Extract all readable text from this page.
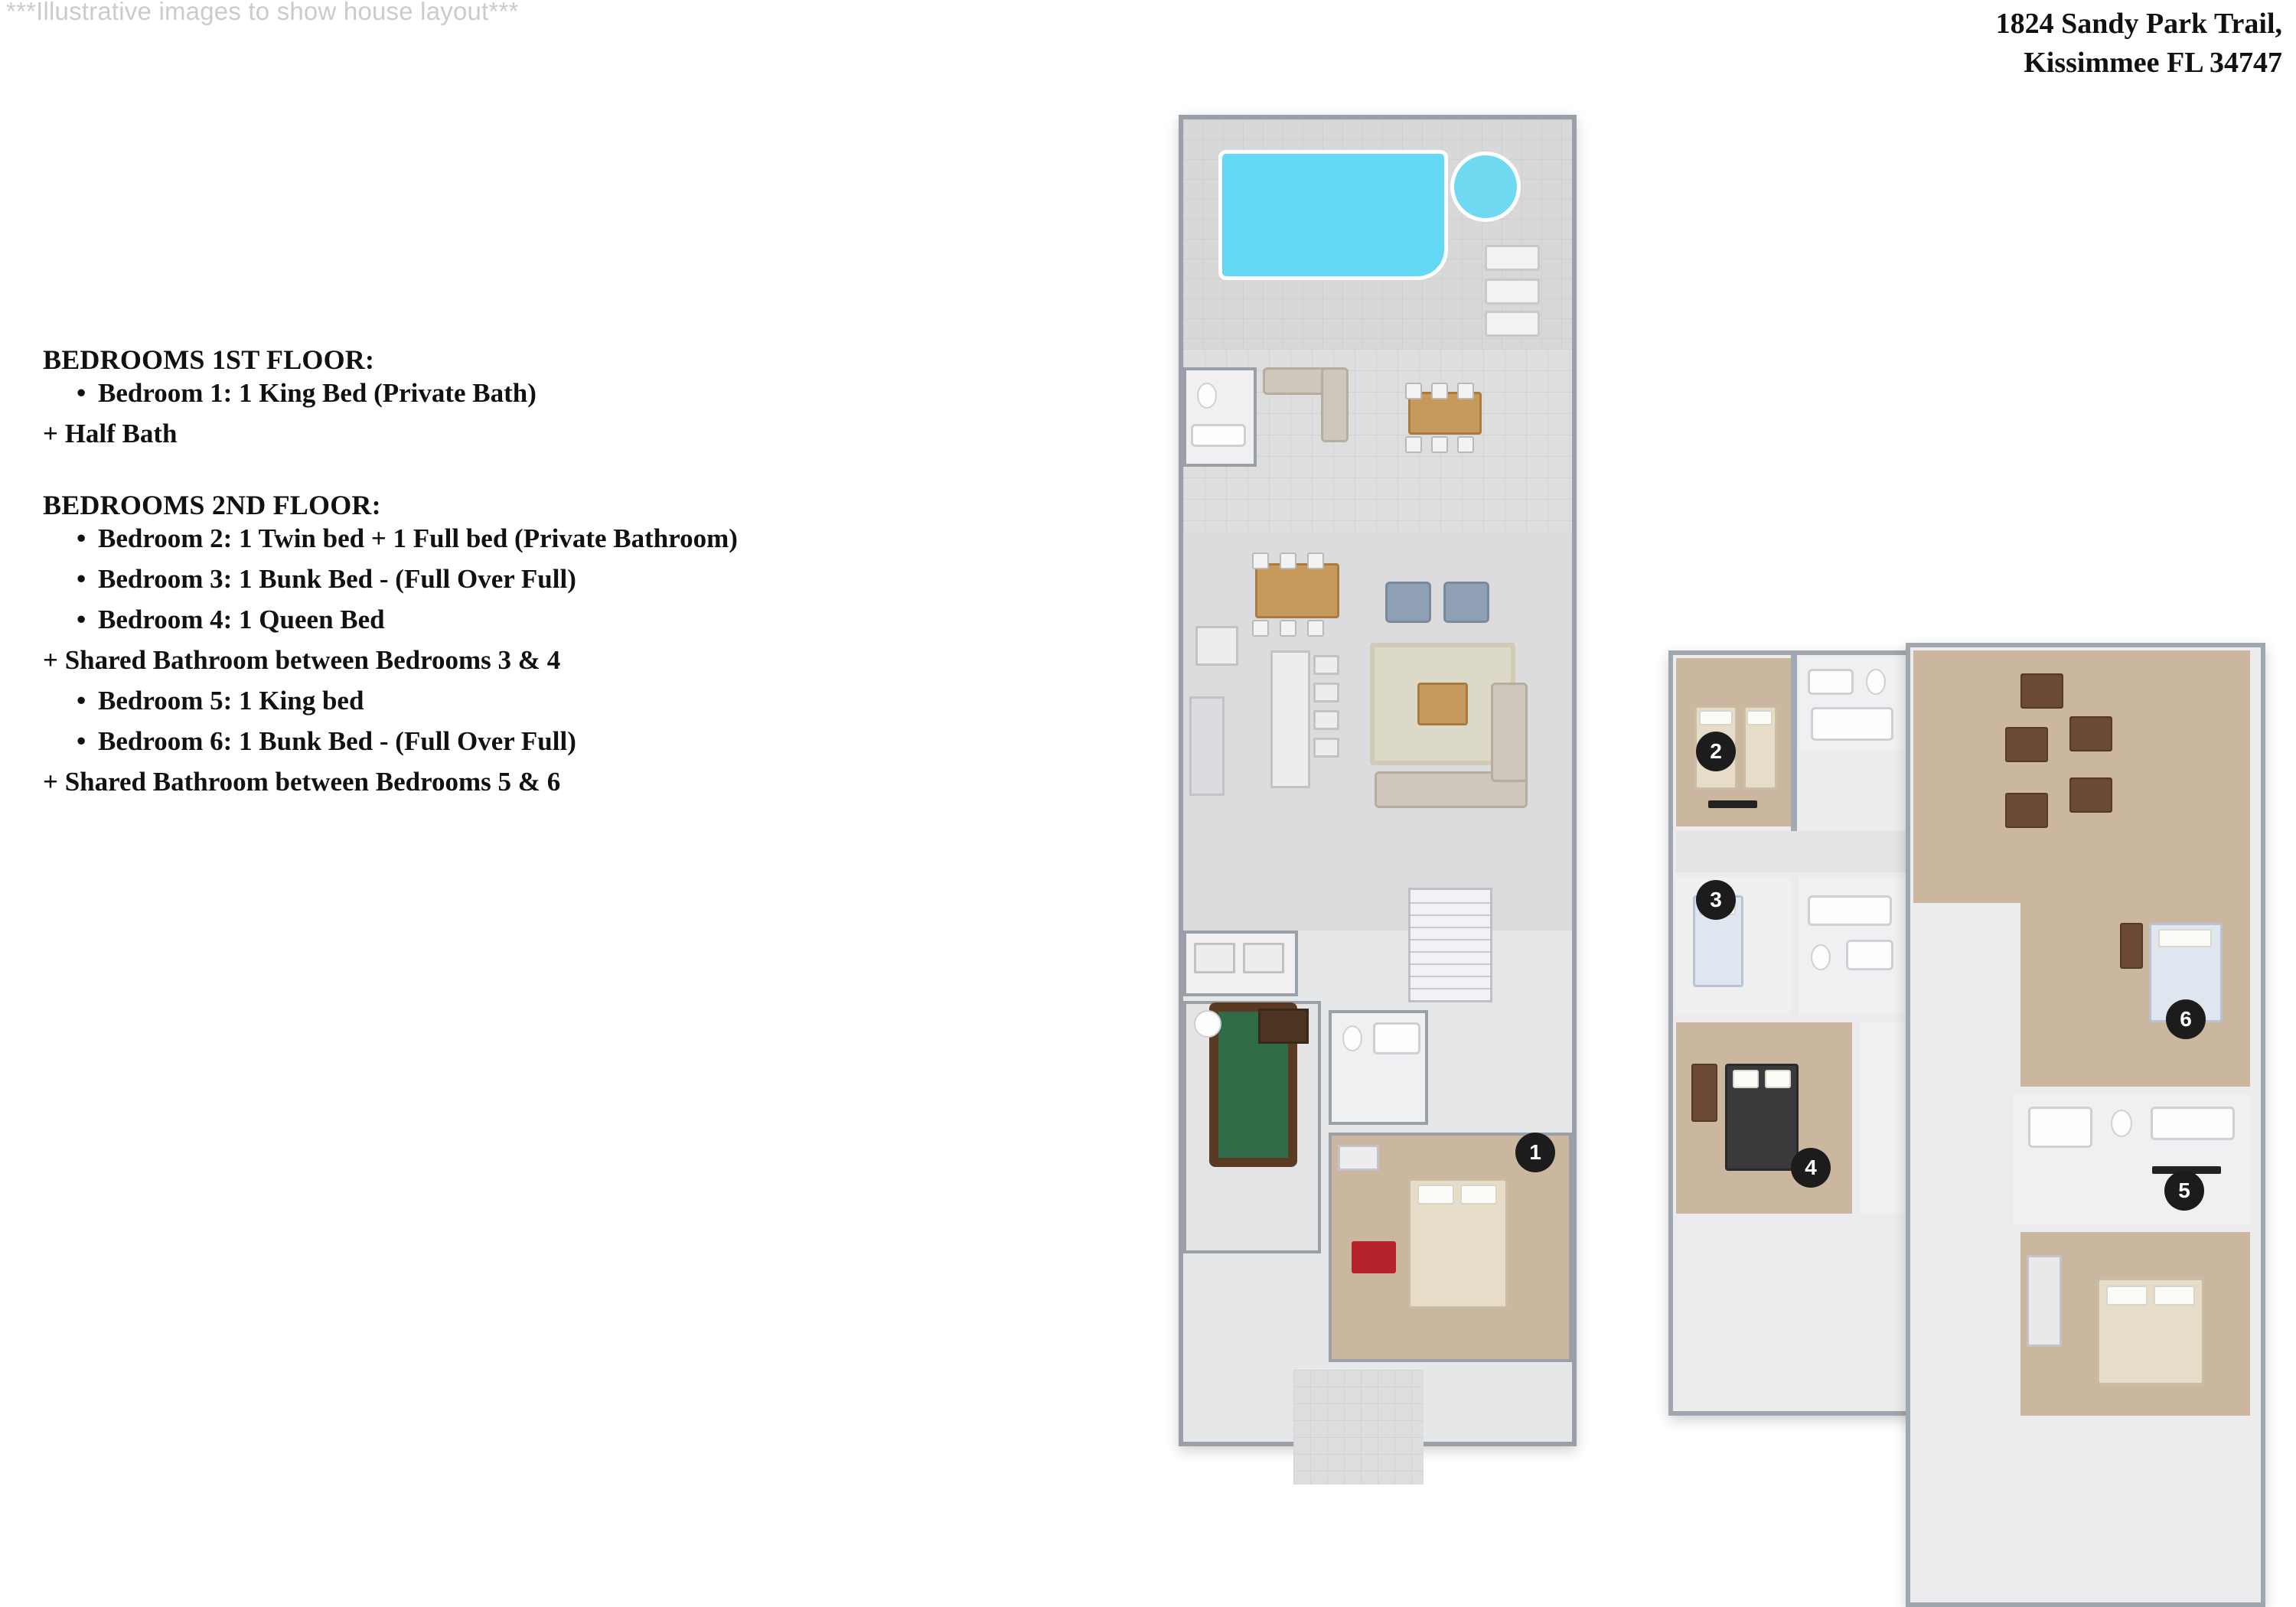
***Illustrative images to show house layout***	1824 Sandy Park Trail,
Kissimmee FL 34747
BEDROOMS 1ST FLOOR:
• Bedroom 1: 1 King Bed (Private Bath)
+ Half Bath
BEDROOMS 2ND FLOOR:
• Bedroom 2: 1 Twin bed + 1 Full bed (Private Bathroom)
• Bedroom 3: 1 Bunk Bed - (Full Over Full)
• Bedroom 4: 1 Queen Bed
+ Shared Bathroom between Bedrooms 3 & 4
• Bedroom 5: 1 King bed
• Bedroom 6: 1 Bunk Bed - (Full Over Full)
+ Shared Bathroom between Bedrooms 5 & 6
1
2
3
4
6
5
